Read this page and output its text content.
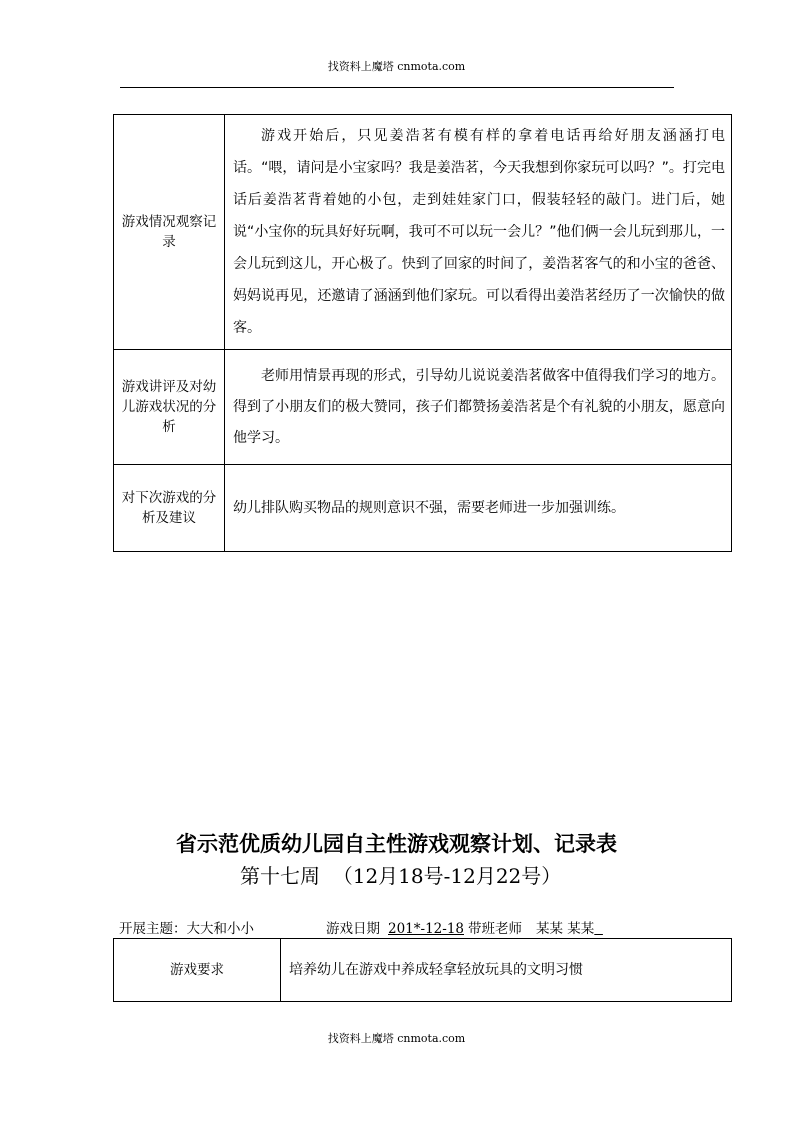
找资料上魔塔 cnmota.com
游戏情况观察记录	游戏开始后，只见姜浩茗有模有样的拿着电话再给好朋友涵涵打电话。“喂，请问是小宝家吗？我是姜浩茗，今天我想到你家玩可以吗？”。打完电话后姜浩茗背着她的小包，走到娃娃家门口，假装轻轻的敲门。进门后，她说“小宝你的玩具好好玩啊，我可不可以玩一会儿？”他们俩一会儿玩到那儿，一会儿玩到这儿，开心极了。快到了回家的时间了，姜浩茗客气的和小宝的爸爸、妈妈说再见，还邀请了涵涵到他们家玩。可以看得出姜浩茗经历了一次愉快的做客。

游戏讲评及对幼儿游戏状况的分析	老师用情景再现的形式，引导幼儿说说姜浩茗做客中值得我们学习的地方。得到了小朋友们的极大赞同，孩子们都赞扬姜浩茗是个有礼貌的小朋友，愿意向他学习。

对下次游戏的分析及建议	幼儿排队购买物品的规则意识不强，需要老师进一步加强训练。
省示范优质幼儿园自主性游戏观察计划、记录表
第十七周  （12月18号-12月22号）
开展主题：大大和小小	游戏日期 201*-12-18 带班老师 某某 某某
游戏要求	培养幼儿在游戏中养成轻拿轻放玩具的文明习惯
找资料上魔塔 cnmota.com
